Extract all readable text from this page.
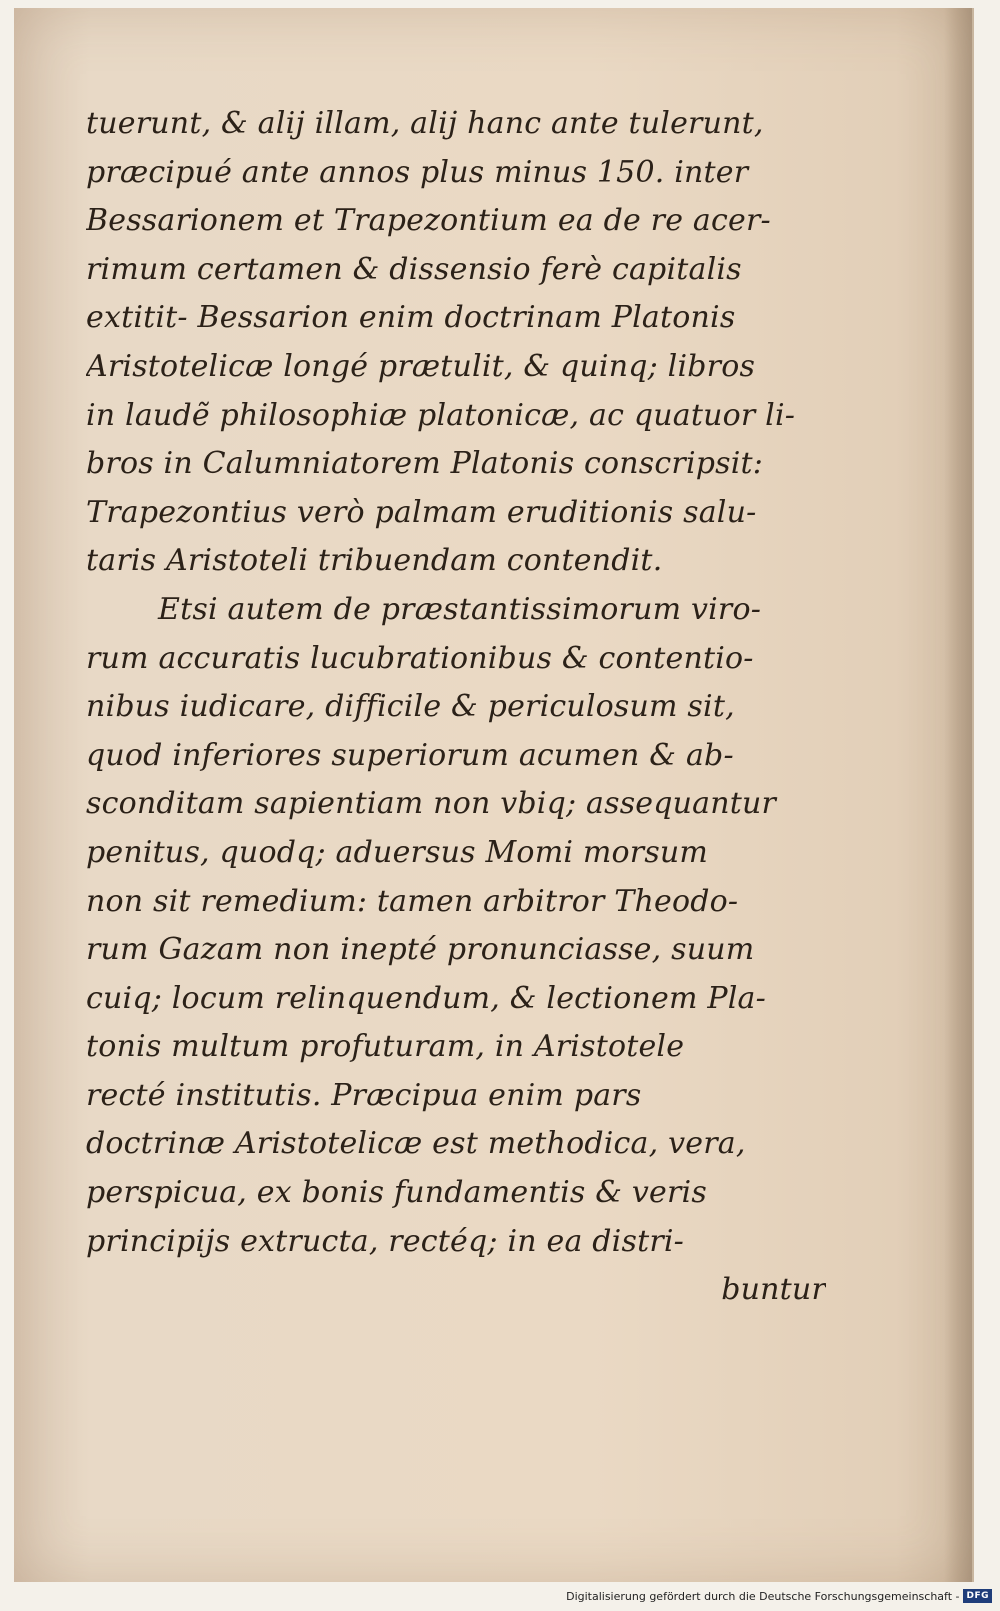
tuerunt, & alij illam, alij hanc ante tulerunt,
præcipué ante annos plus minus 150. inter
Bessarionem et Trapezontium ea de re acer-
rimum certamen & dissensio ferè capitalis
extitit- Bessarion enim doctrinam Platonis
Aristotelicæ longé prætulit, & quinq; libros
in laudẽ philosophiæ platonicæ, ac quatuor li-
bros in Calumniatorem Platonis conscripsit:
Trapezontius verò palmam eruditionis salu-
taris Aristoteli tribuendam contendit.
Etsi autem de præstantissimorum viro-
rum accuratis lucubrationibus & contentio-
nibus iudicare, difficile & periculosum sit,
quod inferiores superiorum acumen & ab-
sconditam sapientiam non vbiq; assequantur
penitus, quodq; aduersus Momi morsum
non sit remedium: tamen arbitror Theodo-
rum Gazam non inepté pronunciasse, suum
cuiq; locum relinquendum, & lectionem Pla-
tonis multum profuturam, in Aristotele
recté institutis. Præcipua enim pars
doctrinæ Aristotelicæ est methodica, vera,
perspicua, ex bonis fundamentis & veris
principijs extructa, rectéq; in ea distri-
buntur
Digitalisierung gefördert durch die Deutsche Forschungsgemeinschaft - DFG
